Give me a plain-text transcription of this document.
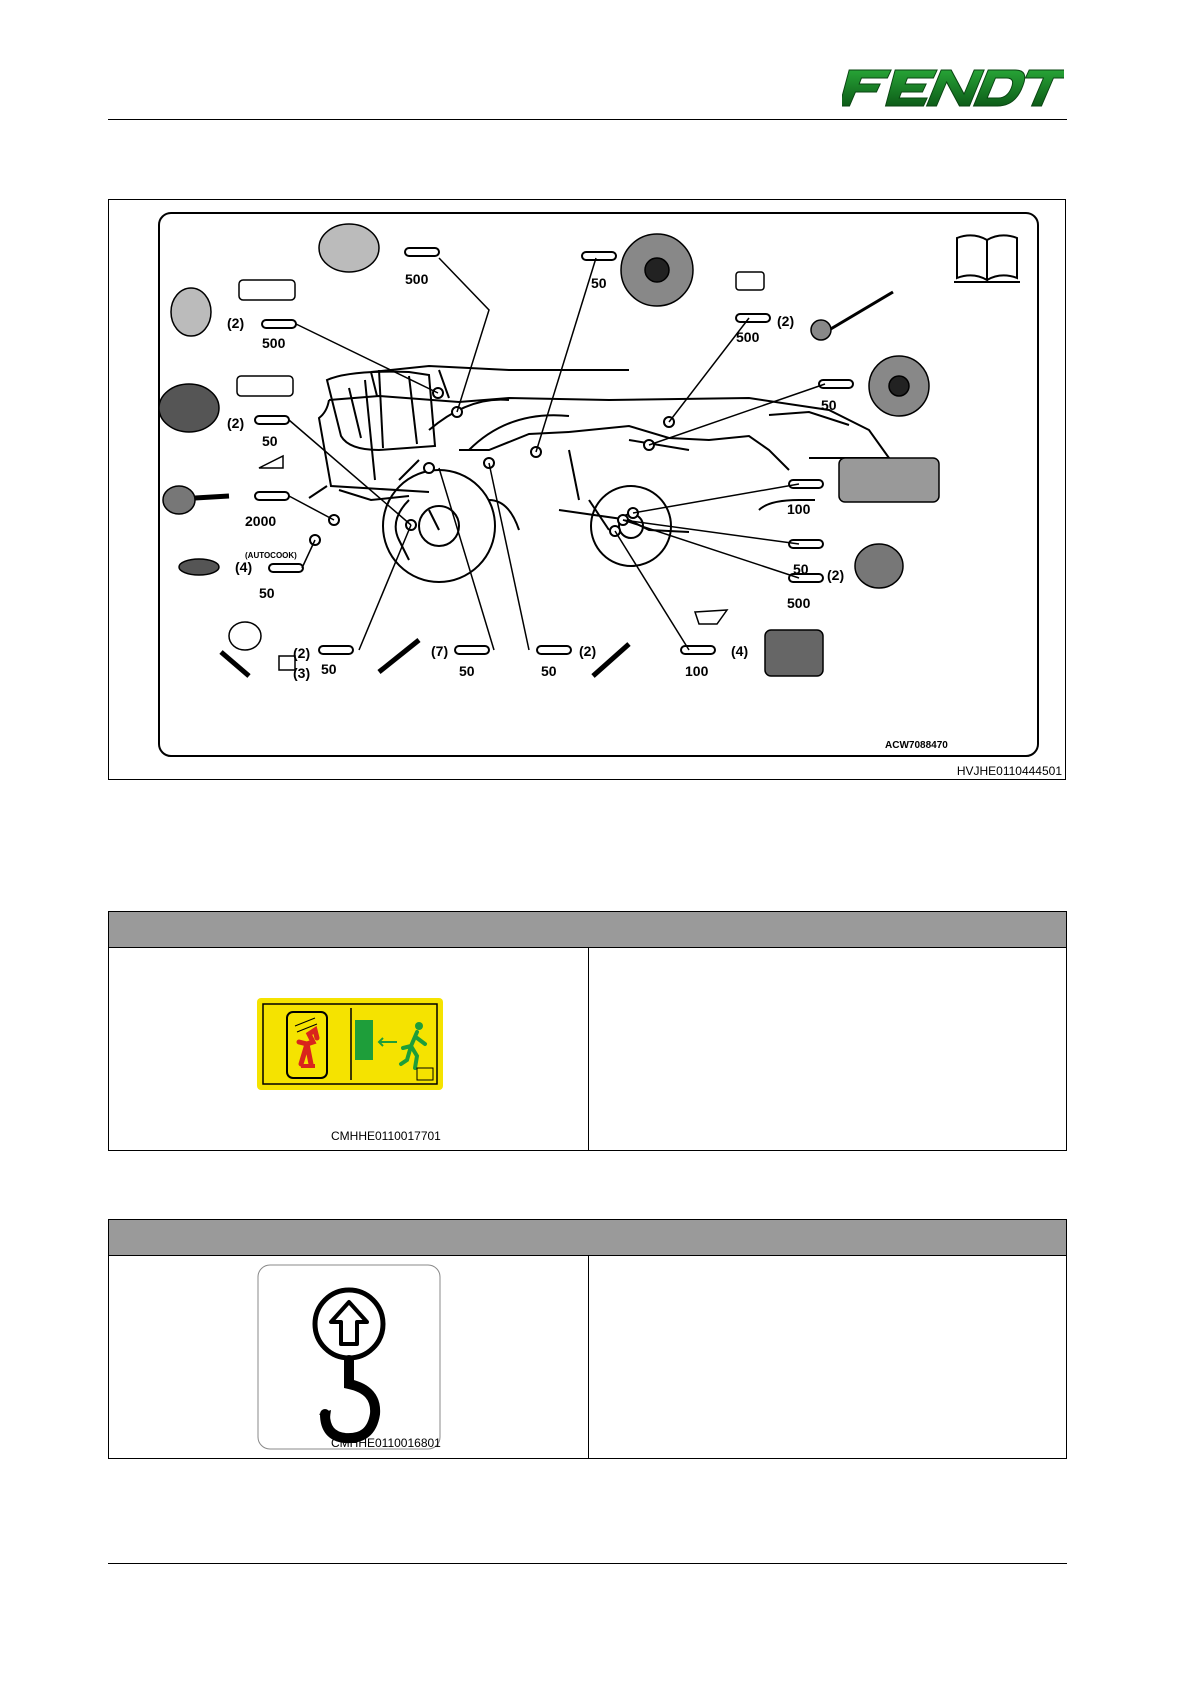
500
500
50
500
50
50
2000
50
50	50	50	100
100
50
500
(2)	(2)
(2)
(4)
(2)
(3)
(7)	(2)	(4)
(2)
(AUTOCOOK)
ACW7088470
HVJHE0110444501
CMHHE0110017701
CMHHE0110016801
